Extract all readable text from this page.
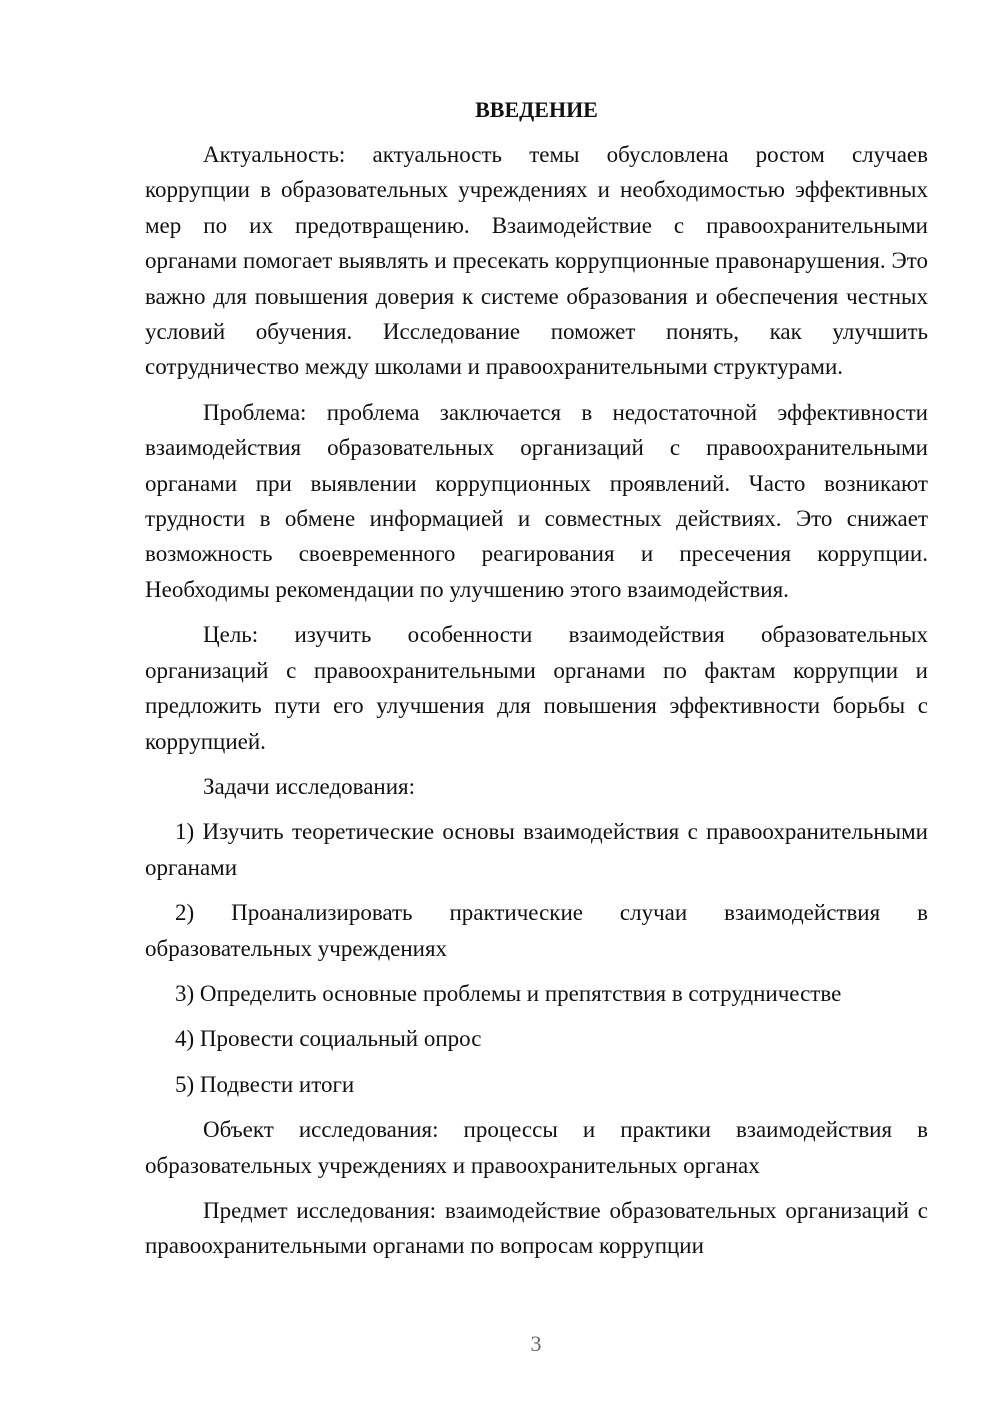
ВВЕДЕНИЕ

Актуальность: актуальность темы обусловлена ростом случаев коррупции в образовательных учреждениях и необходимостью эффективных мер по их предотвращению. Взаимодействие с правоохранительными органами помогает выявлять и пресекать коррупционные правонарушения. Это важно для повышения доверия к системе образования и обеспечения честных условий обучения. Исследование поможет понять, как улучшить сотрудничество между школами и правоохранительными структурами.

Проблема: проблема заключается в недостаточной эффективности взаимодействия образовательных организаций с правоохранительными органами при выявлении коррупционных проявлений. Часто возникают трудности в обмене информацией и совместных действиях. Это снижает возможность своевременного реагирования и пресечения коррупции. Необходимы рекомендации по улучшению этого взаимодействия.

Цель: изучить особенности взаимодействия образовательных организаций с правоохранительными органами по фактам коррупции и предложить пути его улучшения для повышения эффективности борьбы с коррупцией.

Задачи исследования:

1) Изучить теоретические основы взаимодействия с правоохранительными органами

2) Проанализировать практические случаи взаимодействия в образовательных учреждениях

3) Определить основные проблемы и препятствия в сотрудничестве

4) Провести социальный опрос

5) Подвести итоги

Объект исследования: процессы и практики взаимодействия в образовательных учреждениях и правоохранительных органах

Предмет исследования: взаимодействие образовательных организаций с правоохранительными органами по вопросам коррупции

3
